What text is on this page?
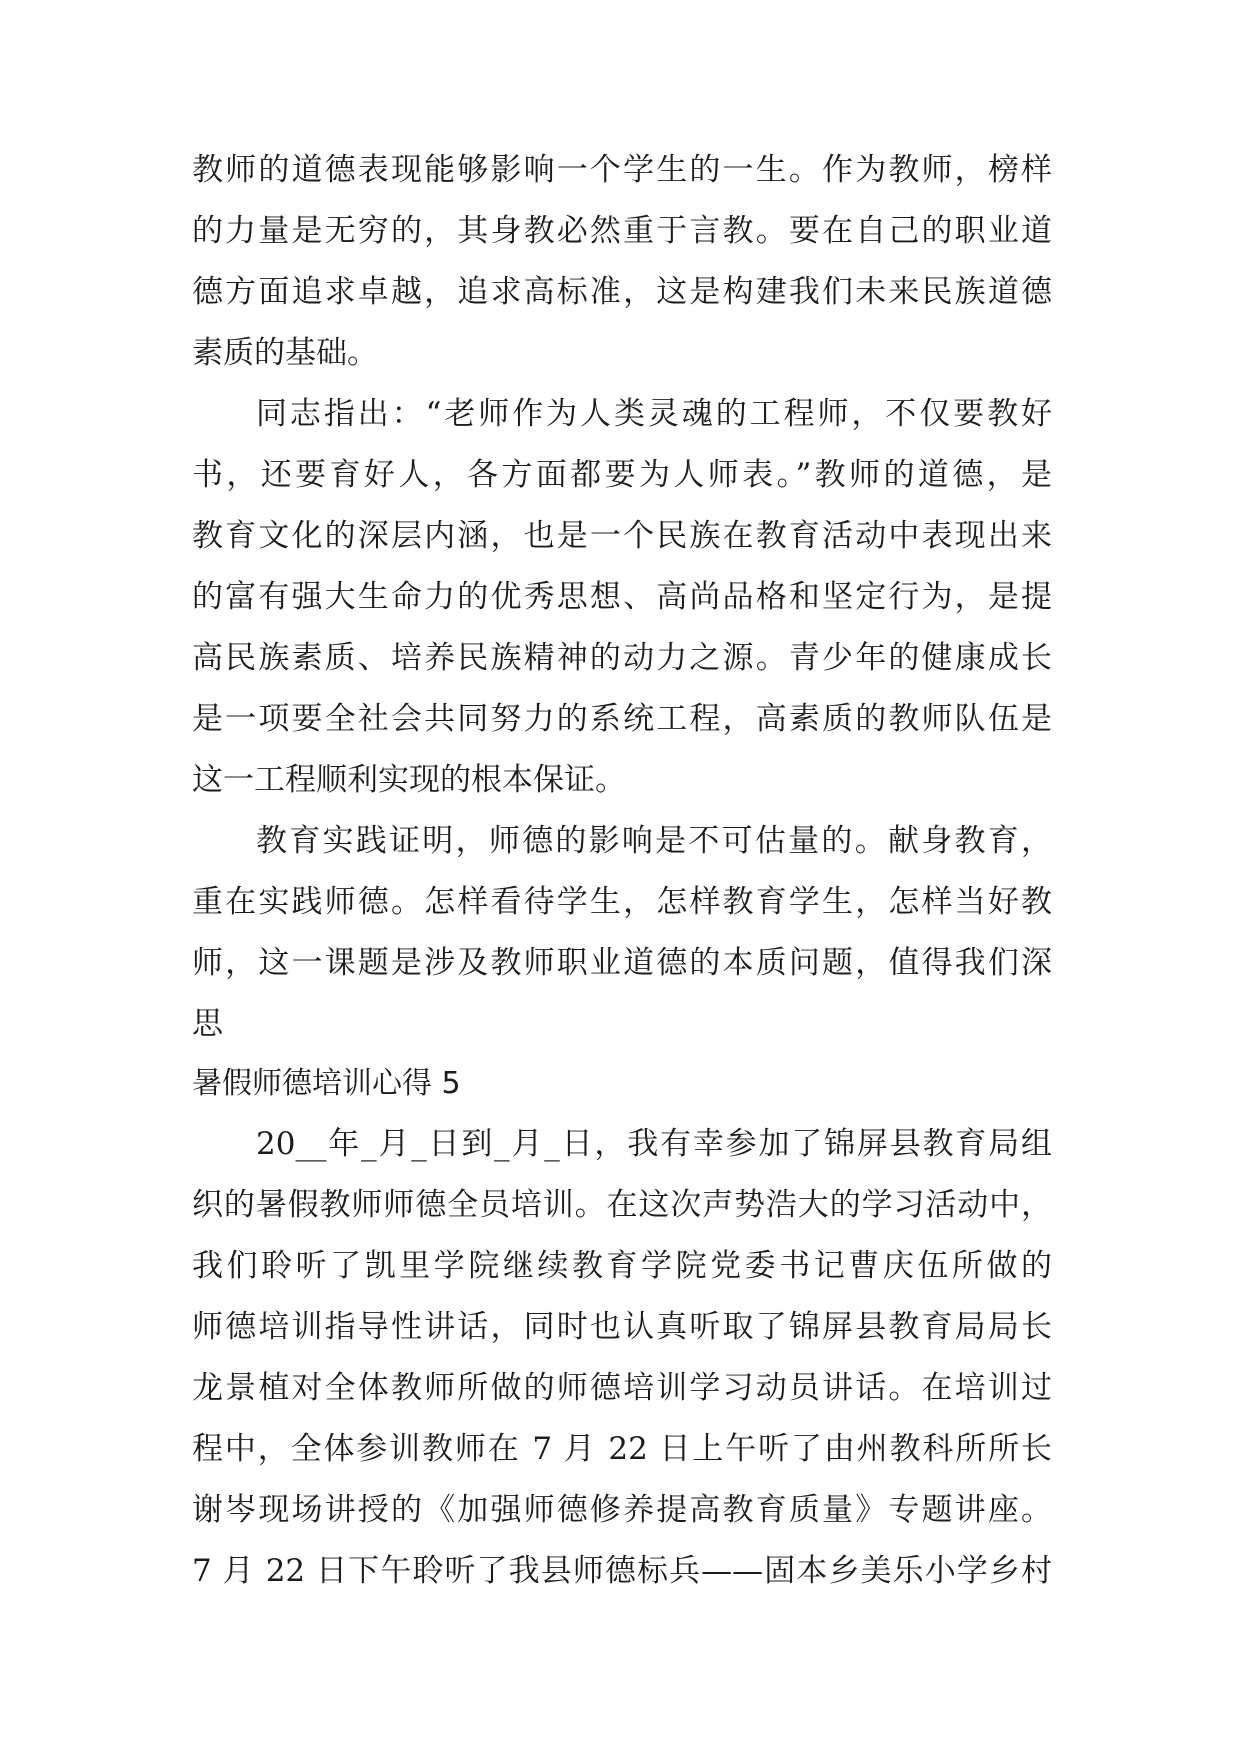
教师的道德表现能够影响一个学生的一生。作为教师，榜样
的力量是无穷的，其身教必然重于言教。要在自己的职业道
德方面追求卓越，追求高标准，这是构建我们未来民族道德
素质的基础。
同志指出：“老师作为人类灵魂的工程师，不仅要教好
书，还要育好人，各方面都要为人师表。”教师的道德，是
教育文化的深层内涵，也是一个民族在教育活动中表现出来
的富有强大生命力的优秀思想、高尚品格和坚定行为，是提
高民族素质、培养民族精神的动力之源。青少年的健康成长
是一项要全社会共同努力的系统工程，高素质的教师队伍是
这一工程顺利实现的根本保证。
教育实践证明，师德的影响是不可估量的。献身教育，
重在实践师德。怎样看待学生，怎样教育学生，怎样当好教
师，这一课题是涉及教师职业道德的本质问题，值得我们深
思
暑假师德培训心得 5
20__年_月_日到_月_日，我有幸参加了锦屏县教育局组
织的暑假教师师德全员培训。在这次声势浩大的学习活动中，
我们聆听了凯里学院继续教育学院党委书记曹庆伍所做的
师德培训指导性讲话，同时也认真听取了锦屏县教育局局长
龙景植对全体教师所做的师德培训学习动员讲话。在培训过
程中，全体参训教师在 7 月 22 日上午听了由州教科所所长
谢岑现场讲授的《加强师德修养提高教育质量》专题讲座。
7 月 22 日下午聆听了我县师德标兵——固本乡美乐小学乡村
